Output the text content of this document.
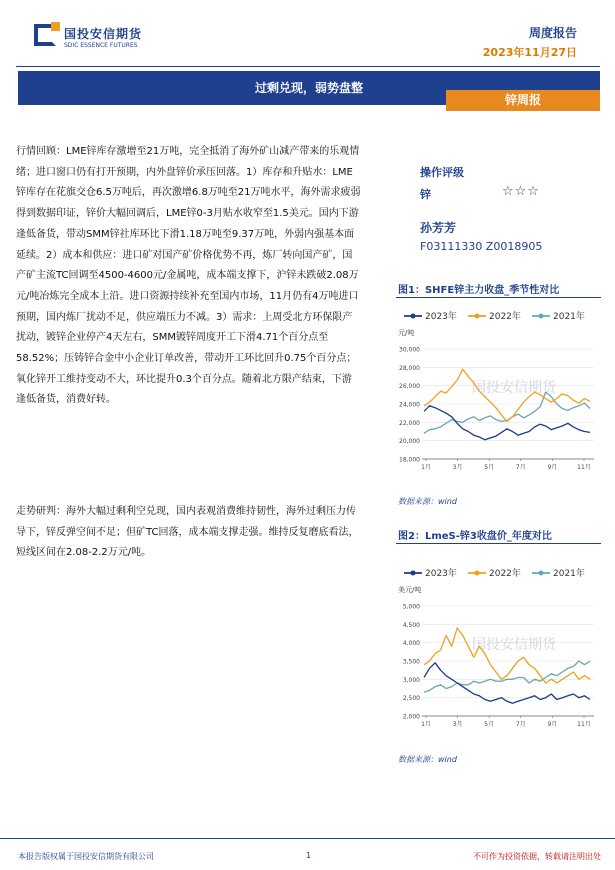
国投安信期货
SDIC ESSENCE FUTURES
周度报告
2023年11月27日
过剩兑现，弱势盘整
锌周报

行情回顾：LME锌库存激增至21万吨，完全抵消了海外矿山减产带来的乐观情绪；进口窗口仍有打开预期，内外盘锌价承压回落。1）库存和升贴水：LME锌库存在花旗交仓6.5万吨后，再次激增6.8万吨至21万吨水平，海外需求疲弱得到数据印证，锌价大幅回调后，LME锌0-3月贴水收窄至1.5美元。国内下游逢低备货，带动SMM锌社库环比下滑1.18万吨至9.37万吨，外弱内强基本面延续。2）成本和供应：进口矿对国产矿价格优势不再，炼厂转向国产矿，国产矿主流TC回调至4500-4600元/金属吨，成本端支撑下，沪锌未跌破2.08万元/吨冶炼完全成本上沿。进口资源持续补充至国内市场，11月仍有4万吨进口预期，国内炼厂扰动不足，供应端压力不减。3）需求：上周受北方环保限产扰动，镀锌企业停产4天左右，SMM镀锌周度开工下滑4.71个百分点至58.52%；压铸锌合金中小企业订单改善，带动开工环比回升0.75个百分点；氧化锌开工维持变动不大，环比提升0.3个百分点。随着北方限产结束，下游逢低备货，消费好转。

走势研判：海外大幅过剩利空兑现，国内表观消费维持韧性，海外过剩压力传导下，锌反弹空间不足；但矿TC回落，成本端支撑走强。维持反复磨底看法，短线区间在2.08-2.2万元/吨。

操作评级
锌	☆☆☆
孙芳芳
F03111330 Z0018905
图1：SHFE锌主力收盘_季节性对比
2023年	2022年	2021年
元/吨
18,000
20,000
22,000
24,000
26,000
28,000
30,000
1月	3月	5月	7月	9月	11月
国投安信期货
数据来源：wind
图2：LmeS-锌3收盘价_年度对比
2023年	2022年	2021年
美元/吨
2,000
2,500
3,000
3,500
4,000
4,500
5,000
1月	3月	5月	7月	9月	11月
国投安信期货
数据来源：wind
本报告版权属于国投安信期货有限公司	1	不可作为投资依据，转载请注明出处
